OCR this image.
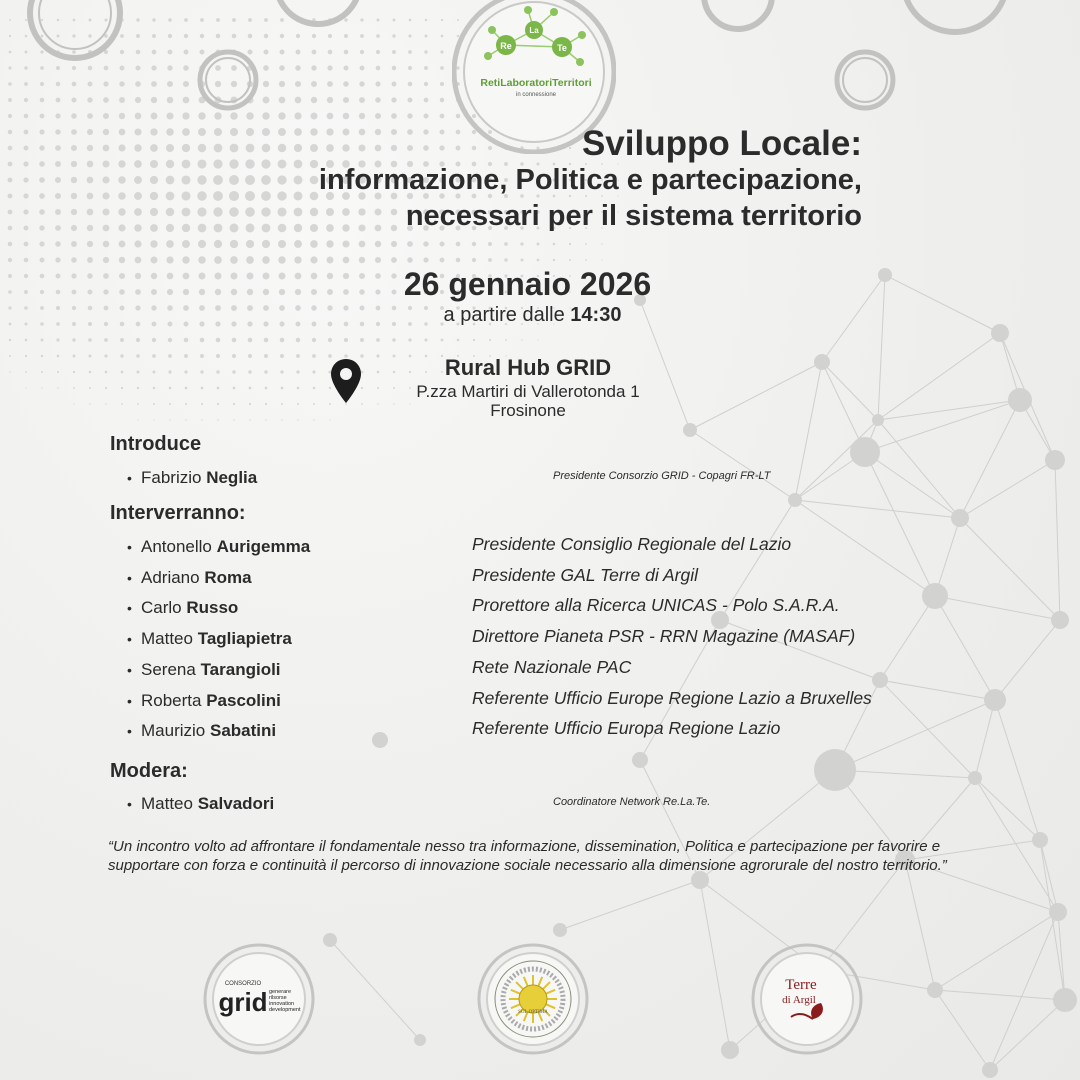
Re
La
Te
RetiLaboratoriTerritori
in connessione
Sviluppo Locale:
informazione, Politica e partecipazione,
necessari per il sistema territorio
26 gennaio 2026
a partire dalle 14:30
Rural Hub GRID
P.zza Martiri di Vallerotonda 1
Frosinone
Introduce
• Fabrizio Neglia	Presidente Consorzio GRID - Copagri FR-LT
Interverranno:
• Antonello Aurigemma	Presidente Consiglio Regionale del Lazio
• Adriano Roma	Presidente GAL Terre di Argil
• Carlo Russo	Prorettore alla Ricerca UNICAS - Polo S.A.R.A.
• Matteo Tagliapietra	Direttore Pianeta PSR - RRN Magazine (MASAF)
• Serena Tarangioli	Rete Nazionale PAC
• Roberta Pascolini	Referente Ufficio Europe Regione Lazio a Bruxelles
• Maurizio Sabatini	Referente Ufficio Europa Regione Lazio
Modera:
• Matteo Salvadori	Coordinatore Network Re.La.Te.
“Un incontro volto ad affrontare il fondamentale nesso tra informazione, dissemination, Politica e partecipazione per favorire e supportare con forza e continuità il percorso di innovazione sociale necessario alla dimensione agrorurale del nostro territorio.”
CONSORZIO
grid generare
rilsorse
innovation
development	SOL OPTIMA
Terre
di Argil
